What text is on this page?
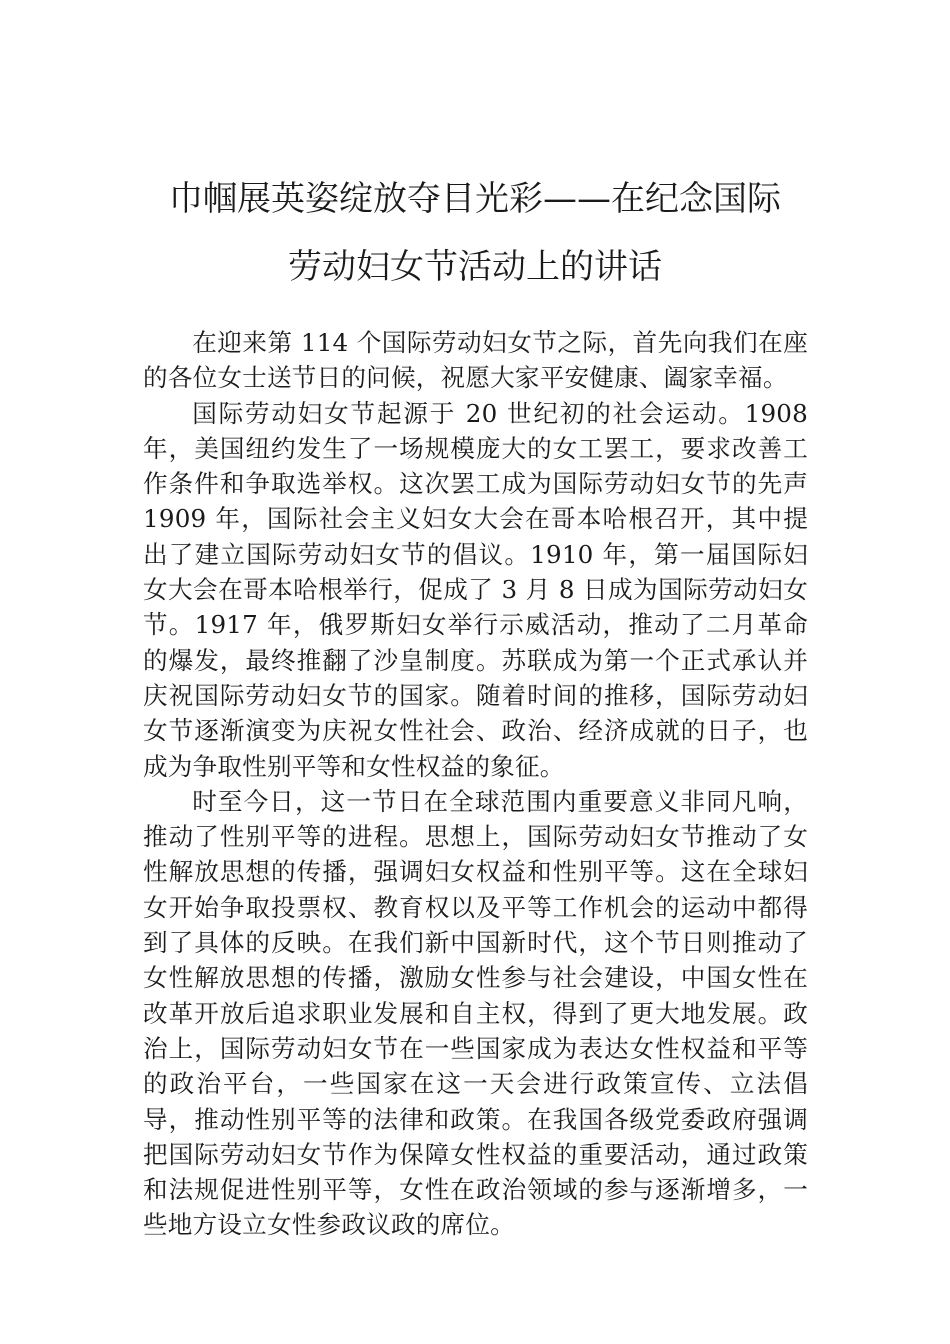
巾帼展英姿绽放夺目光彩——在纪念国际
劳动妇女节活动上的讲话

在迎来第 114 个国际劳动妇女节之际，首先向我们在座的各位女士送节日的问候，祝愿大家平安健康、阖家幸福。

国际劳动妇女节起源于 20 世纪初的社会运动。1908 年，美国纽约发生了一场规模庞大的女工罢工，要求改善工作条件和争取选举权。这次罢工成为国际劳动妇女节的先声 1909 年，国际社会主义妇女大会在哥本哈根召开，其中提出了建立国际劳动妇女节的倡议。1910 年，第一届国际妇女大会在哥本哈根举行，促成了 3 月 8 日成为国际劳动妇女节。1917 年，俄罗斯妇女举行示威活动，推动了二月革命的爆发，最终推翻了沙皇制度。苏联成为第一个正式承认并庆祝国际劳动妇女节的国家。随着时间的推移，国际劳动妇女节逐渐演变为庆祝女性社会、政治、经济成就的日子，也成为争取性别平等和女性权益的象征。

时至今日，这一节日在全球范围内重要意义非同凡响，推动了性别平等的进程。思想上，国际劳动妇女节推动了女性解放思想的传播，强调妇女权益和性别平等。这在全球妇女开始争取投票权、教育权以及平等工作机会的运动中都得到了具体的反映。在我们新中国新时代，这个节日则推动了女性解放思想的传播，激励女性参与社会建设，中国女性在改革开放后追求职业发展和自主权，得到了更大地发展。政治上，国际劳动妇女节在一些国家成为表达女性权益和平等的政治平台，一些国家在这一天会进行政策宣传、立法倡导，推动性别平等的法律和政策。在我国各级党委政府强调把国际劳动妇女节作为保障女性权益的重要活动，通过政策和法规促进性别平等，女性在政治领域的参与逐渐增多，一些地方设立女性参政议政的席位。
